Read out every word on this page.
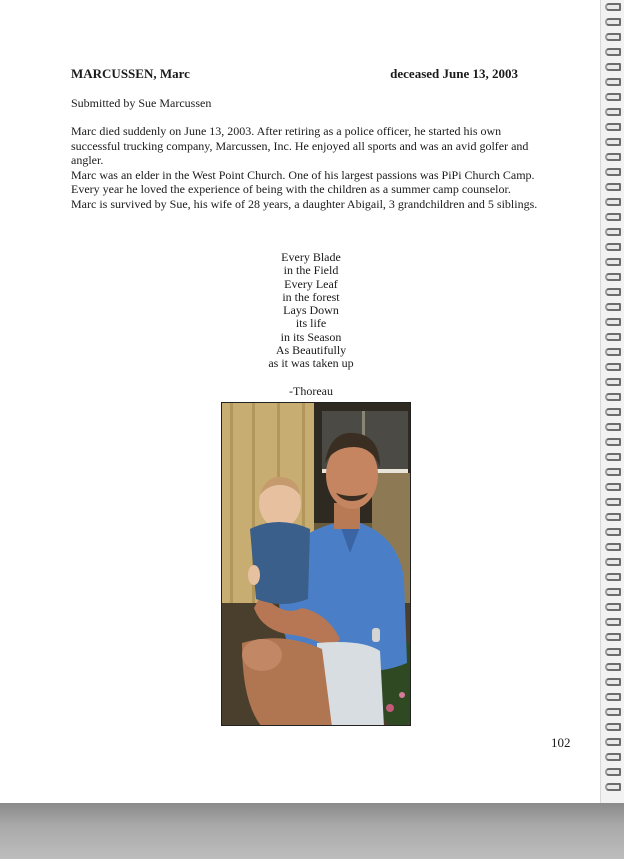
MARCUSSEN, Marc	deceased June 13, 2003
Submitted by Sue Marcussen

Marc died suddenly on June 13, 2003. After retiring as a police officer, he started his own successful trucking company, Marcussen, Inc. He enjoyed all sports and was an avid golfer and angler.

Marc was an elder in the West Point Church. One of his largest passions was PiPi Church Camp. Every year he loved the experience of being with the children as a summer camp counselor.

Marc is survived by Sue, his wife of 28 years, a daughter Abigail, 3 grandchildren and 5 siblings.

Every Blade
in the Field
Every Leaf
in the forest
Lays Down
its life
in its Season
As Beautifully
as it was taken up
-Thoreau
102
